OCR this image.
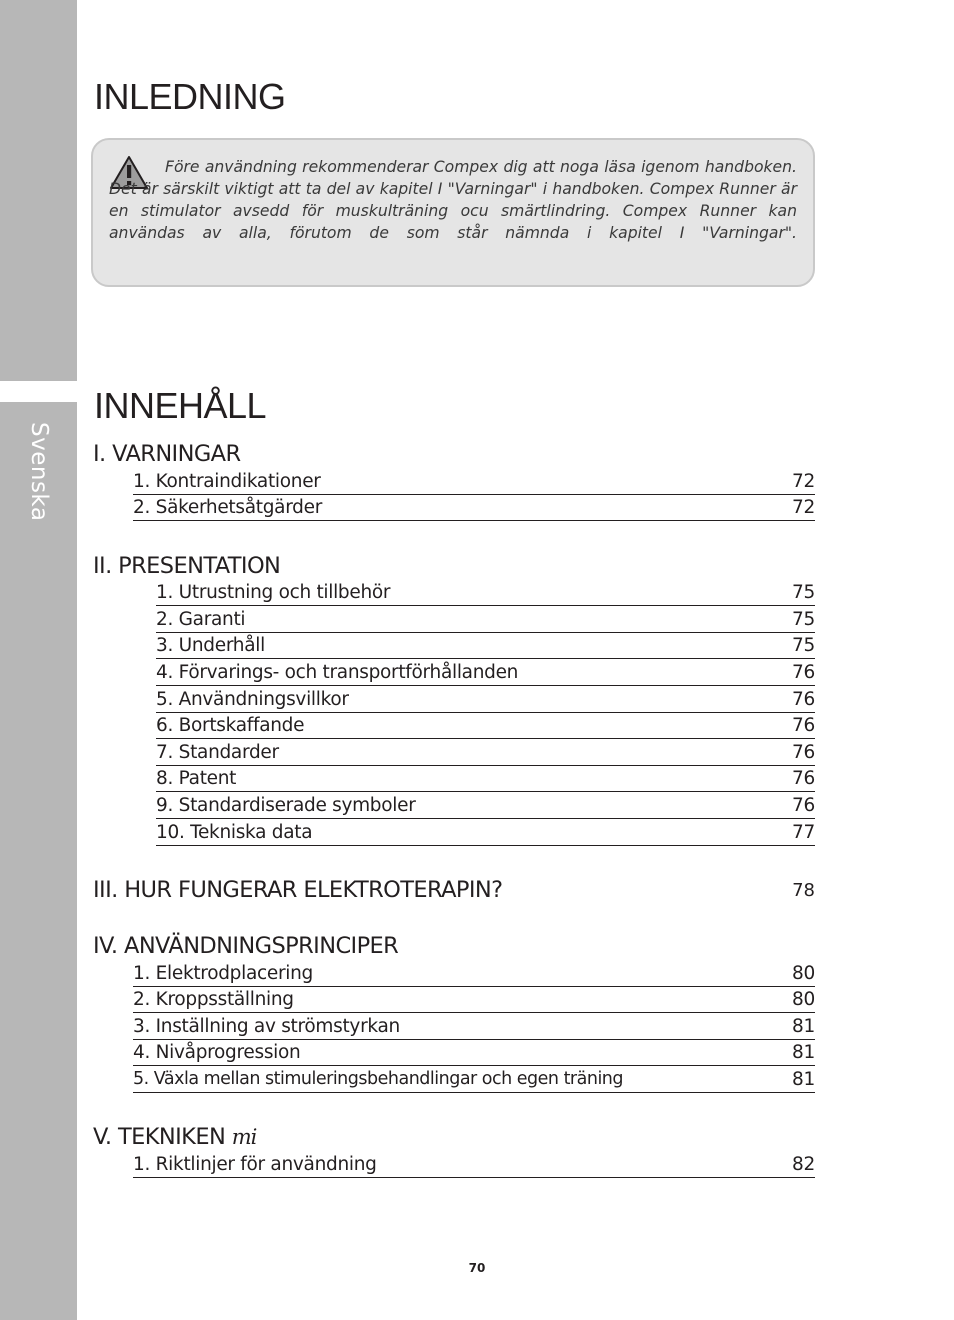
Svenska
INLEDNING
Före användning rekommenderar Compex dig att noga läsa igenom handboken. Det är särskilt viktigt att ta del av kapitel I "Varningar" i handboken. Compex Runner är en stimulator avsedd för muskulträning ocu smärtlindring. Compex Runner kan användas av alla, förutom de som står nämnda i kapitel I "Varningar".
INNEHÅLL
I. VARNINGAR
1. Kontraindikationer	72
2. Säkerhetsåtgärder	72
II. PRESENTATION
1. Utrustning och tillbehör	75
2. Garanti	75
3. Underhåll	75
4. Förvarings- och transportförhållanden	76
5. Användningsvillkor	76
6. Bortskaffande	76
7. Standarder	76
8. Patent	76
9. Standardiserade symboler	76
10. Tekniska data	77
III. HUR FUNGERAR ELEKTROTERAPIN?	78
IV. ANVÄNDNINGSPRINCIPER
1. Elektrodplacering	80
2. Kroppsställning	80
3. Inställning av strömstyrkan	81
4. Nivåprogression	81
5. Växla mellan stimuleringsbehandlingar och egen träning	81
V. TEKNIKEN mi
1. Riktlinjer för användning	82
70
